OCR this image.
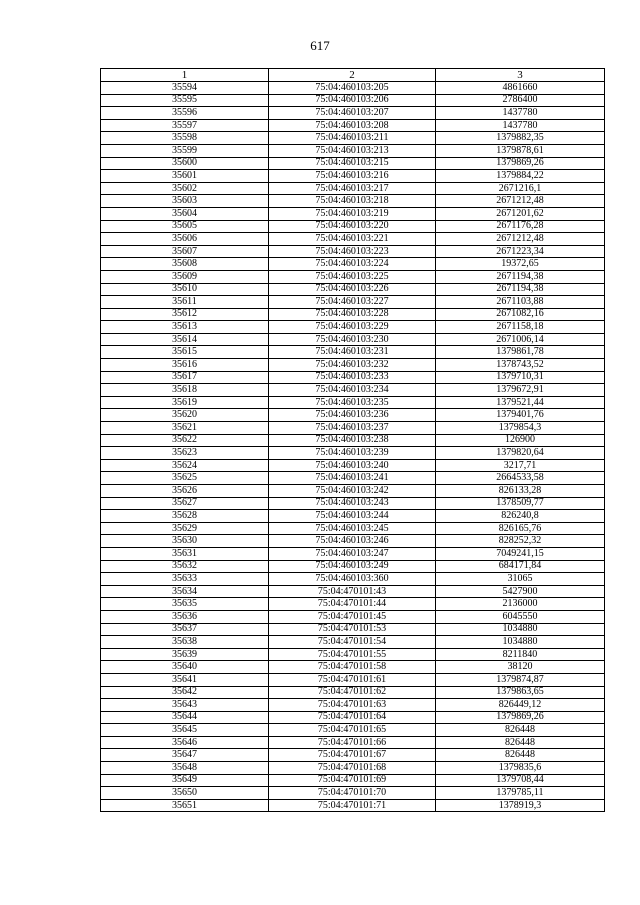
617
1	2	3
35594	75:04:460103:205	4861660
35595	75:04:460103:206	2786400
35596	75:04:460103:207	1437780
35597	75:04:460103:208	1437780
35598	75:04:460103:211	1379882,35
35599	75:04:460103:213	1379878,61
35600	75:04:460103:215	1379869,26
35601	75:04:460103:216	1379884,22
35602	75:04:460103:217	2671216,1
35603	75:04:460103:218	2671212,48
35604	75:04:460103:219	2671201,62
35605	75:04:460103:220	2671176,28
35606	75:04:460103:221	2671212,48
35607	75:04:460103:223	2671223,34
35608	75:04:460103:224	19372,65
35609	75:04:460103:225	2671194,38
35610	75:04:460103:226	2671194,38
35611	75:04:460103:227	2671103,88
35612	75:04:460103:228	2671082,16
35613	75:04:460103:229	2671158,18
35614	75:04:460103:230	2671006,14
35615	75:04:460103:231	1379861,78
35616	75:04:460103:232	1378743,52
35617	75:04:460103:233	1379710,31
35618	75:04:460103:234	1379672,91
35619	75:04:460103:235	1379521,44
35620	75:04:460103:236	1379401,76
35621	75:04:460103:237	1379854,3
35622	75:04:460103:238	126900
35623	75:04:460103:239	1379820,64
35624	75:04:460103:240	3217,71
35625	75:04:460103:241	2664533,58
35626	75:04:460103:242	826133,28
35627	75:04:460103:243	1378509,77
35628	75:04:460103:244	826240,8
35629	75:04:460103:245	826165,76
35630	75:04:460103:246	828252,32
35631	75:04:460103:247	7049241,15
35632	75:04:460103:249	684171,84
35633	75:04:460103:360	31065
35634	75:04:470101:43	5427900
35635	75:04:470101:44	2136000
35636	75:04:470101:45	6045550
35637	75:04:470101:53	1034880
35638	75:04:470101:54	1034880
35639	75:04:470101:55	8211840
35640	75:04:470101:58	38120
35641	75:04:470101:61	1379874,87
35642	75:04:470101:62	1379863,65
35643	75:04:470101:63	826449,12
35644	75:04:470101:64	1379869,26
35645	75:04:470101:65	826448
35646	75:04:470101:66	826448
35647	75:04:470101:67	826448
35648	75:04:470101:68	1379835,6
35649	75:04:470101:69	1379708,44
35650	75:04:470101:70	1379785,11
35651	75:04:470101:71	1378919,3
